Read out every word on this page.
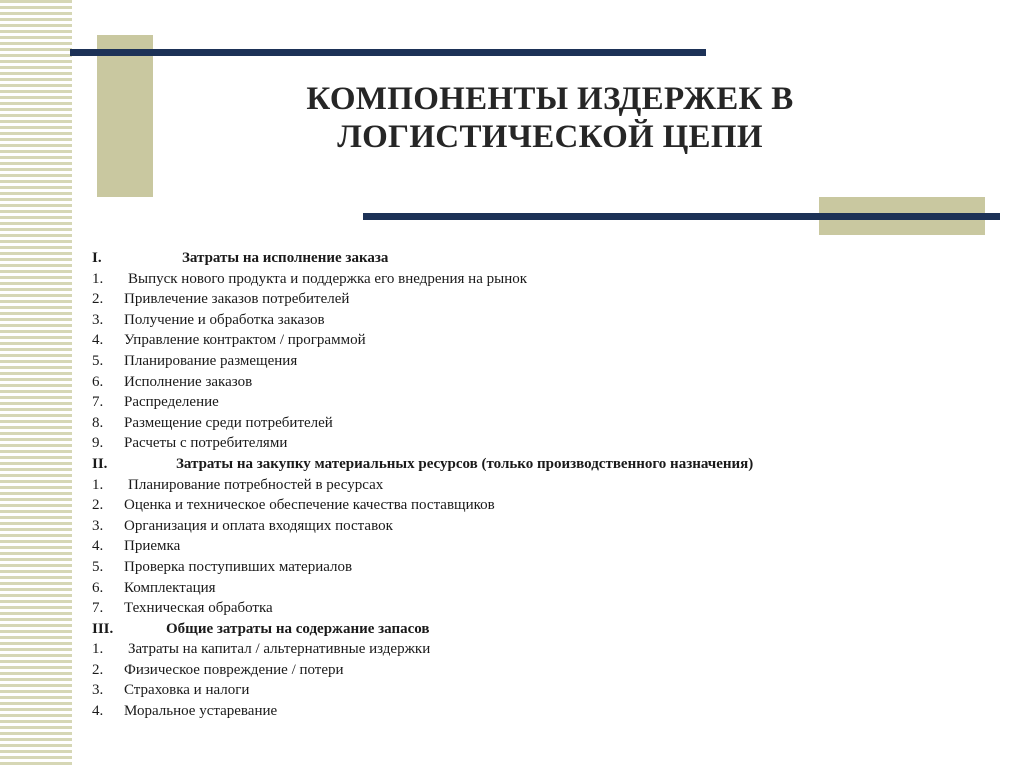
КОМПОНЕНТЫ ИЗДЕРЖЕК В
ЛОГИСТИЧЕСКОЙ ЦЕПИ
I.	Затраты на исполнение заказа
1. Выпуск нового продукта и поддержка его внедрения на рынок
2. Привлечение заказов потребителей
3. Получение и обработка заказов
4. Управление контрактом / программой
5. Планирование размещения
6. Исполнение заказов
7. Распределение
8. Размещение среди потребителей
9. Расчеты с потребителями
II.	Затраты на закупку материальных ресурсов (только производственного назначения)
1. Планирование потребностей в ресурсах
2. Оценка и техническое обеспечение качества поставщиков
3. Организация и оплата входящих поставок
4. Приемка
5. Проверка поступивших материалов
6. Комплектация
7. Техническая обработка
III.	Общие затраты на содержание запасов
1. Затраты на капитал / альтернативные издержки
2. Физическое повреждение / потери
3. Страховка и налоги
4. Моральное устаревание
